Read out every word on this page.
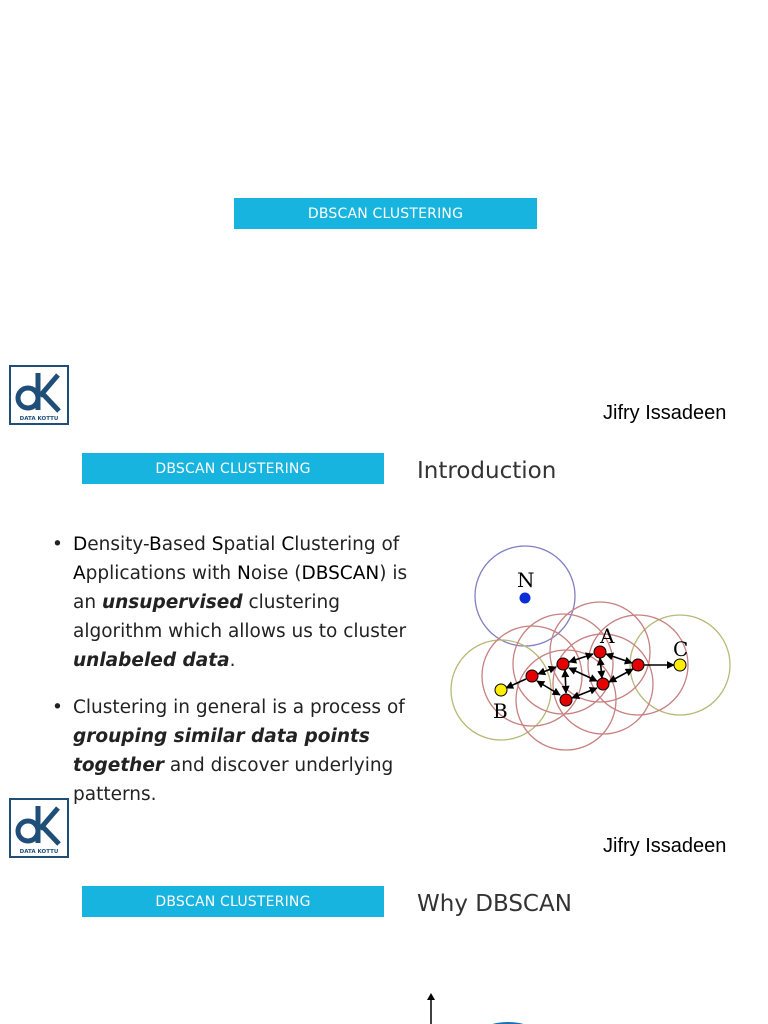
DBSCAN CLUSTERING
DATA KOTTU	Jifry Issadeen
DBSCAN CLUSTERING	Introduction
• Density-Based Spatial Clustering of Applications with Noise (DBSCAN) is an unsupervised clustering algorithm which allows us to cluster unlabeled data.
• Clustering in general is a process of grouping similar data points together and discover underlying patterns.
N
A
B
C
DATA KOTTU	Jifry Issadeen
DBSCAN CLUSTERING	Why DBSCAN
